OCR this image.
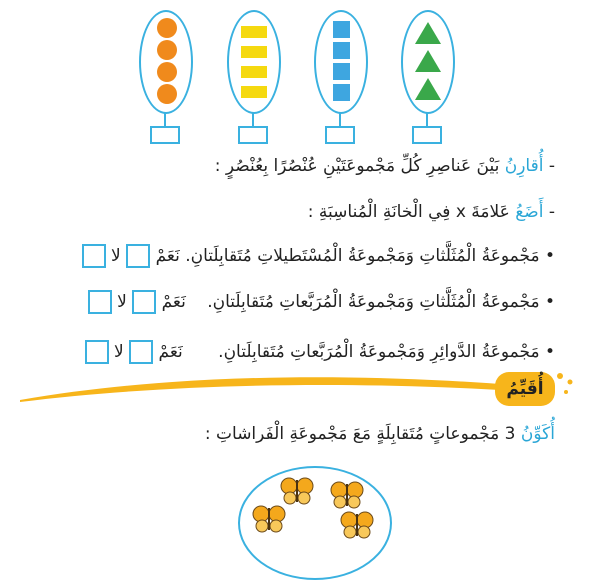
- أُقارِنُ بَيْنَ عَناصِرِ كُلِّ مَجْموعَتَيْنِ عُنْصُرًا بِعُنْصُرٍ :
- أَضَعُ عَلامَةَ x فِي الْخانَةِ الْمُناسِبَةِ :
• مَجْموعَةُ الْمُثَلَّثاتِ وَمَجْموعَةُ الْمُسْتَطيلاتِ مُتَقابِلَتانِ. نَعَمْ  لا
• مَجْموعَةُ الْمُثَلَّثاتِ وَمَجْموعَةُ الْمُرَبَّعاتِ مُتَقابِلَتانِ. نَعَمْ  لا
• مَجْموعَةُ الدَّوائِرِ وَمَجْموعَةُ الْمُرَبَّعاتِ مُتَقابِلَتانِ. نَعَمْ  لا
أُقَيِّمُ
أُكَوِّنُ 3 مَجْموعاتٍ مُتَقابِلَةٍ مَعَ مَجْموعَةِ الْفَراشاتِ :
